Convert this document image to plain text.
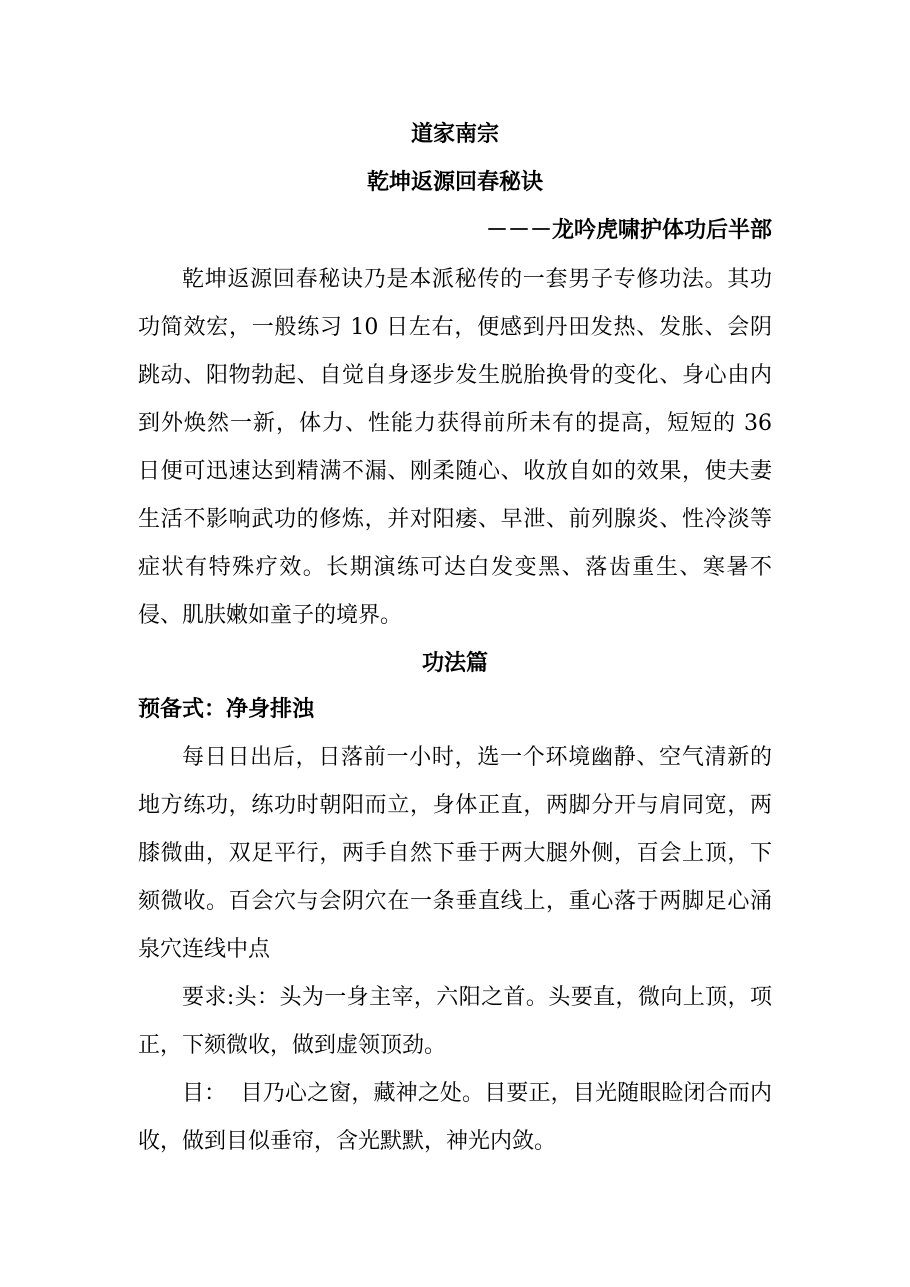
道家南宗
乾坤返源回春秘诀
－－－龙吟虎啸护体功后半部

乾坤返源回春秘诀乃是本派秘传的一套男子专修功法。其功功简效宏，一般练习 10 日左右，便感到丹田发热、发胀、会阴跳动、阳物勃起、自觉自身逐步发生脱胎换骨的变化、身心由内到外焕然一新，体力、性能力获得前所未有的提高，短短的 36 日便可迅速达到精满不漏、刚柔随心、收放自如的效果，使夫妻生活不影响武功的修炼，并对阳痿、早泄、前列腺炎、性冷淡等症状有特殊疗效。长期演练可达白发变黑、落齿重生、寒暑不侵、肌肤嫩如童子的境界。

功法篇
预备式：净身排浊

每日日出后，日落前一小时，选一个环境幽静、空气清新的地方练功，练功时朝阳而立，身体正直，两脚分开与肩同宽，两膝微曲，双足平行，两手自然下垂于两大腿外侧，百会上顶，下颏微收。百会穴与会阴穴在一条垂直线上，重心落于两脚足心涌泉穴连线中点

要求:头：头为一身主宰，六阳之首。头要直，微向上顶，项正，下颏微收，做到虚领顶劲。

目：  目乃心之窗，藏神之处。目要正，目光随眼睑闭合而内收，做到目似垂帘，含光默默，神光内敛。
